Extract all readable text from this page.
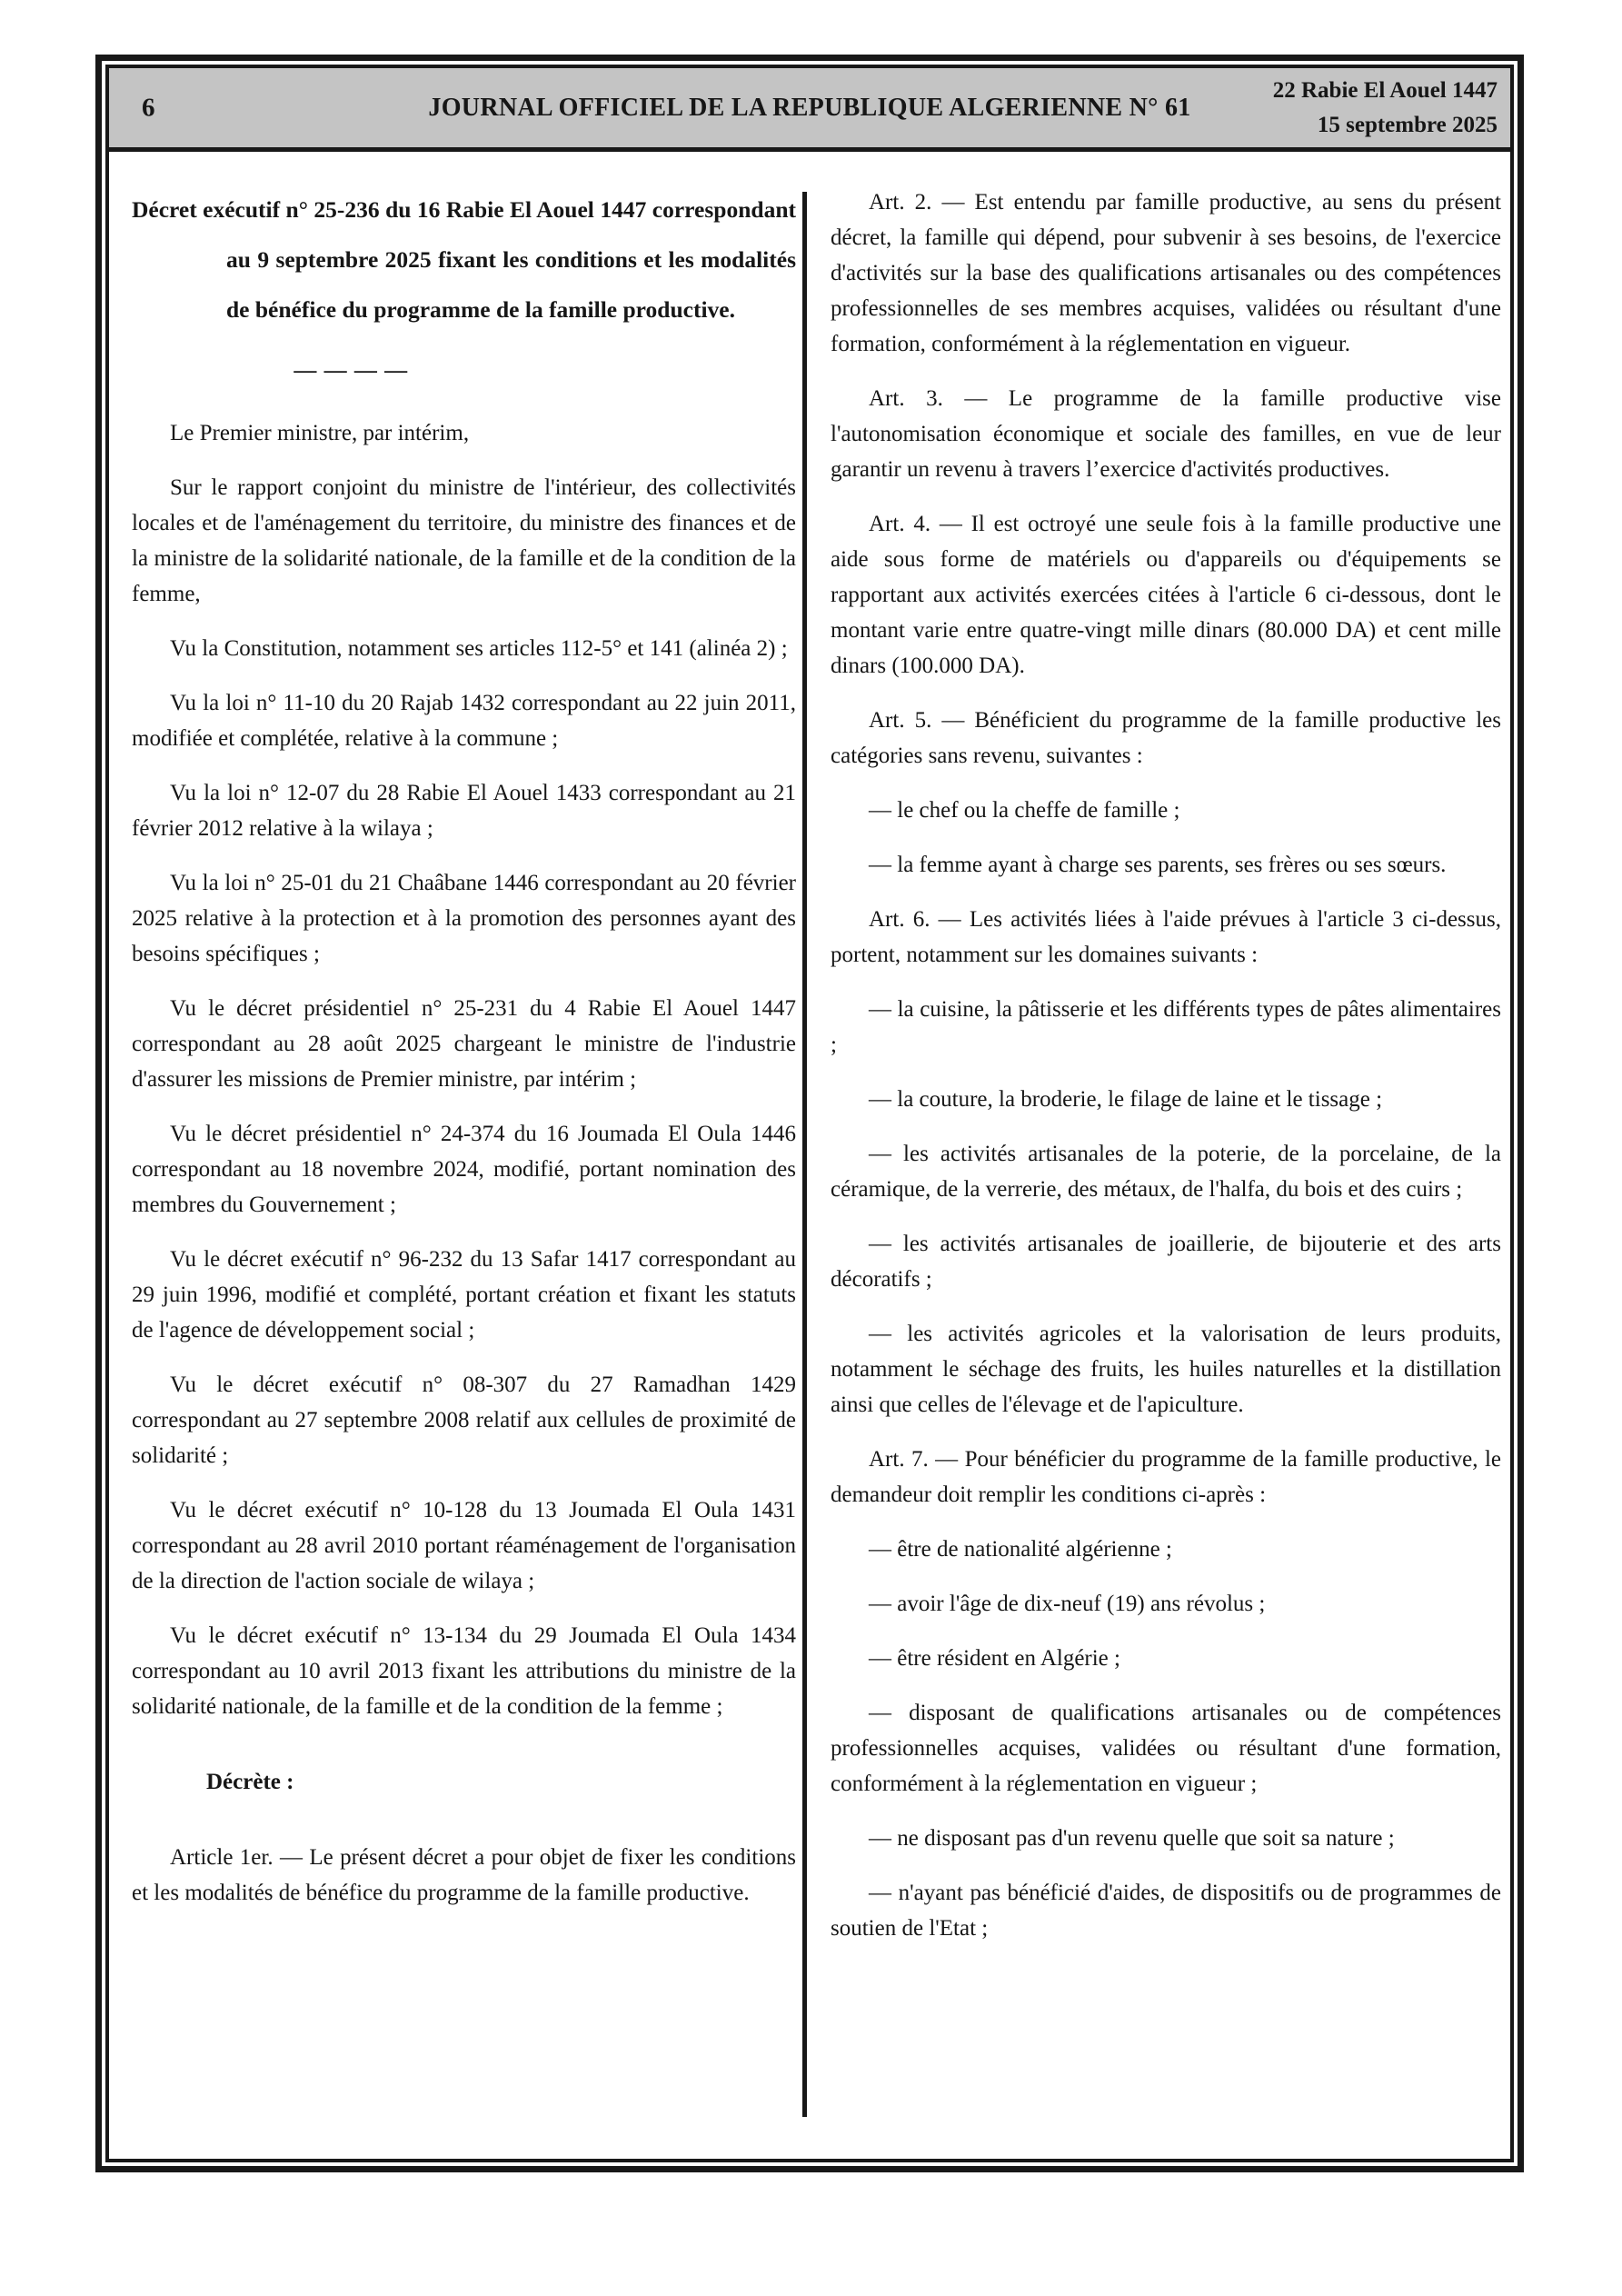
6	JOURNAL OFFICIEL DE LA REPUBLIQUE ALGERIENNE N° 61
22 Rabie El Aouel 1447
15 septembre 2025

Décret exécutif n° 25-236 du 16 Rabie El Aouel 1447 correspondant au 9 septembre 2025 fixant les conditions et les modalités de bénéfice du programme de la famille productive.

— — — —

Le Premier ministre, par intérim,

Sur le rapport conjoint du ministre de l'intérieur, des collectivités locales et de l'aménagement du territoire, du ministre des finances et de la ministre de la solidarité nationale, de la famille et de la condition de la femme,

Vu la Constitution, notamment ses articles 112-5° et 141 (alinéa 2) ;

Vu la loi n° 11-10 du 20 Rajab 1432 correspondant au 22 juin 2011, modifiée et complétée, relative à la commune ;

Vu la loi n° 12-07 du 28 Rabie El Aouel 1433 correspondant au 21 février 2012 relative à la wilaya ;

Vu la loi n° 25-01 du 21 Chaâbane 1446 correspondant au 20 février 2025 relative à la protection et à la promotion des personnes ayant des besoins spécifiques ;

Vu le décret présidentiel n° 25-231 du 4 Rabie El Aouel 1447 correspondant au 28 août 2025 chargeant le ministre de l'industrie d'assurer les missions de Premier ministre, par intérim ;

Vu le décret présidentiel n° 24-374 du 16 Joumada El Oula 1446 correspondant au 18 novembre 2024, modifié, portant nomination des membres du Gouvernement ;

Vu le décret exécutif n° 96-232 du 13 Safar 1417 correspondant au 29 juin 1996, modifié et complété, portant création et fixant les statuts de l'agence de développement social ;

Vu le décret exécutif n° 08-307 du 27 Ramadhan 1429 correspondant au 27 septembre 2008 relatif aux cellules de proximité de solidarité ;

Vu le décret exécutif n° 10-128 du 13 Joumada El Oula 1431 correspondant au 28 avril 2010 portant réaménagement de l'organisation de la direction de l'action sociale de wilaya ;

Vu le décret exécutif n° 13-134 du 29 Joumada El Oula 1434 correspondant au 10 avril 2013 fixant les attributions du ministre de la solidarité nationale, de la famille et de la condition de la femme ;

Décrète :

Article 1er. — Le présent décret a pour objet de fixer les conditions et les modalités de bénéfice du programme de la famille productive.

Art. 2. — Est entendu par famille productive, au sens du présent décret, la famille qui dépend, pour subvenir à ses besoins, de l'exercice d'activités sur la base des qualifications artisanales ou des compétences professionnelles de ses membres acquises, validées ou résultant d'une formation, conformément à la réglementation en vigueur.

Art. 3. — Le programme de la famille productive vise l'autonomisation économique et sociale des familles, en vue de leur garantir un revenu à travers l’exercice d'activités productives.

Art. 4. — Il est octroyé une seule fois à la famille productive une aide sous forme de matériels ou d'appareils ou d'équipements se rapportant aux activités exercées citées à l'article 6 ci-dessous, dont le montant varie entre quatre-vingt mille dinars (80.000 DA) et cent mille dinars (100.000 DA).

Art. 5. — Bénéficient du programme de la famille productive les catégories sans revenu, suivantes :

— le chef ou la cheffe de famille ;

— la femme ayant à charge ses parents, ses frères ou ses sœurs.

Art. 6. — Les activités liées à l'aide prévues à l'article 3 ci-dessus, portent, notamment sur les domaines suivants :

— la cuisine, la pâtisserie et les différents types de pâtes alimentaires ;

— la couture, la broderie, le filage de laine et le tissage ;

— les activités artisanales de la poterie, de la porcelaine, de la céramique, de la verrerie, des métaux, de l'halfa, du bois et des cuirs ;

— les activités artisanales de joaillerie, de bijouterie et des arts décoratifs ;

— les activités agricoles et la valorisation de leurs produits, notamment le séchage des fruits, les huiles naturelles et la distillation ainsi que celles de l'élevage et de l'apiculture.

Art. 7. — Pour bénéficier du programme de la famille productive, le demandeur doit remplir les conditions ci-après :

— être de nationalité algérienne ;

— avoir l'âge de dix-neuf (19) ans révolus ;

— être résident en Algérie ;

— disposant de qualifications artisanales ou de compétences professionnelles acquises, validées ou résultant d'une formation, conformément à la réglementation en vigueur ;

— ne disposant pas d'un revenu quelle que soit sa nature ;

— n'ayant pas bénéficié d'aides, de dispositifs ou de programmes de soutien de l'Etat ;
